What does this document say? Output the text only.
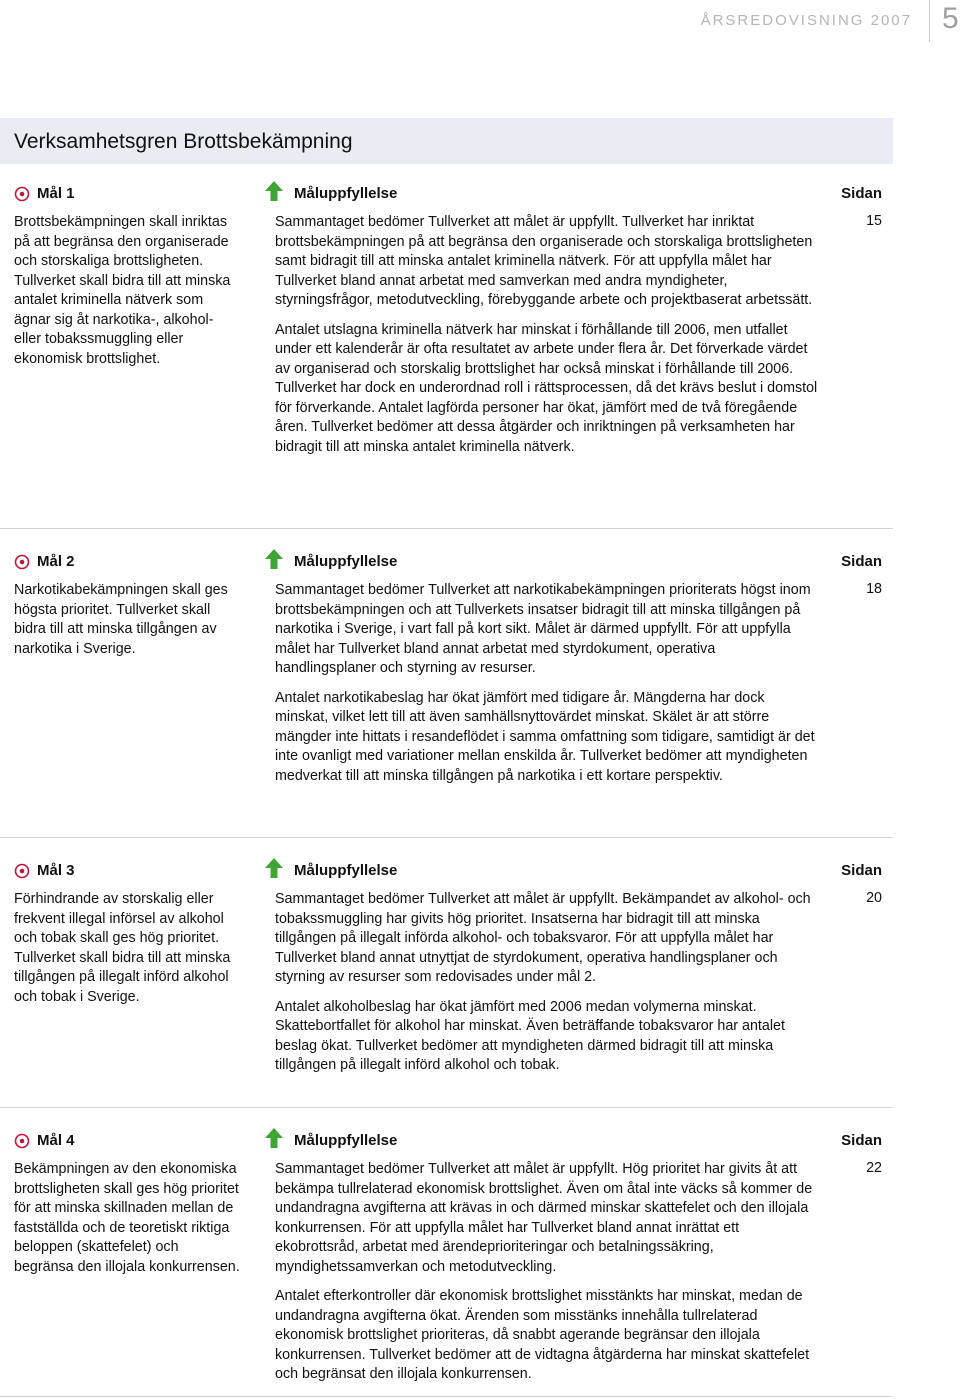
ÅRSREDOVISNING 2007 5
Verksamhetsgren Brottsbekämpning
Mål 1

Brottsbekämpningen skall inriktas på att begränsa den organiserade och storskaliga brottsligheten. Tullverket skall bidra till att minska antalet kriminella nätverk som ägnar sig åt narkotika-, alkohol- eller tobakssmuggling eller ekonomisk brottslighet.

Måluppfyllelse	Sidan
15

Sammantaget bedömer Tullverket att målet är uppfyllt. Tullverket har inriktat brottsbekämpningen på att begränsa den organiserade och storskaliga brottsligheten samt bidragit till att minska antalet kriminella nätverk. För att uppfylla målet har Tullverket bland annat arbetat med samverkan med andra myndigheter, styrningsfrågor, metodutveckling, förebyggande arbete och projektbaserat arbetssätt.

Antalet utslagna kriminella nätverk har minskat i förhållande till 2006, men utfallet under ett kalenderår är ofta resultatet av arbete under flera år. Det förverkade värdet av organiserad och storskalig brottslighet har också minskat i förhållande till 2006. Tullverket har dock en underordnad roll i rättsprocessen, då det krävs beslut i domstol för förverkande. Antalet lagförda personer har ökat, jämfört med de två föregående åren. Tullverket bedömer att dessa åtgärder och inriktningen på verksamheten har bidragit till att minska antalet kriminella nätverk.

Mål 2

Narkotikabekämpningen skall ges högsta prioritet. Tullverket skall bidra till att minska tillgången av narkotika i Sverige.

Måluppfyllelse	Sidan
18

Sammantaget bedömer Tullverket att narkotikabekämpningen prioriterats högst inom brottsbekämpningen och att Tullverkets insatser bidragit till att minska tillgången på narkotika i Sverige, i vart fall på kort sikt. Målet är därmed uppfyllt. För att uppfylla målet har Tullverket bland annat arbetat med styrdokument, operativa handlingsplaner och styrning av resurser.

Antalet narkotikabeslag har ökat jämfört med tidigare år. Mängderna har dock minskat, vilket lett till att även samhällsnyttovärdet minskat. Skälet är att större mängder inte hittats i resandeflödet i samma omfattning som tidigare, samtidigt är det inte ovanligt med variationer mellan enskilda år. Tullverket bedömer att myndigheten medverkat till att minska tillgången på narkotika i ett kortare perspektiv.

Mål 3

Förhindrande av storskalig eller frekvent illegal införsel av alkohol och tobak skall ges hög prioritet. Tullverket skall bidra till att minska tillgången på illegalt införd alkohol och tobak i Sverige.

Måluppfyllelse	Sidan
20

Sammantaget bedömer Tullverket att målet är uppfyllt. Bekämpandet av alkohol- och tobakssmuggling har givits hög prioritet. Insatserna har bidragit till att minska tillgången på illegalt införda alkohol- och tobaksvaror. För att uppfylla målet har Tullverket bland annat utnyttjat de styrdokument, operativa handlingsplaner och styrning av resurser som redovisades under mål 2.

Antalet alkoholbeslag har ökat jämfört med 2006 medan volymerna minskat. Skattebortfallet för alkohol har minskat. Även beträffande tobaksvaror har antalet beslag ökat. Tullverket bedömer att myndigheten därmed bidragit till att minska tillgången på illegalt införd alkohol och tobak.

Mål 4

Bekämpningen av den ekonomiska brottsligheten skall ges hög prioritet för att minska skillnaden mellan de fastställda och de teoretiskt riktiga beloppen (skattefelet) och begränsa den illojala konkurrensen.

Måluppfyllelse	Sidan
22

Sammantaget bedömer Tullverket att målet är uppfyllt. Hög prioritet har givits åt att bekämpa tullrelaterad ekonomisk brottslighet. Även om åtal inte väcks så kommer de undandragna avgifterna att krävas in och därmed minskar skattefelet och den illojala konkurrensen. För att uppfylla målet har Tullverket bland annat inrättat ett ekobrottsråd, arbetat med ärendeprioriteringar och betalningssäkring, myndighetssamverkan och metodutveckling.

Antalet efterkontroller där ekonomisk brottslighet misstänkts har minskat, medan de undandragna avgifterna ökat. Ärenden som misstänks innehålla tullrelaterad ekonomisk brottslighet prioriteras, då snabbt agerande begränsar den illojala konkurrensen. Tullverket bedömer att de vidtagna åtgärderna har minskat skattefelet och begränsat den illojala konkurrensen.
